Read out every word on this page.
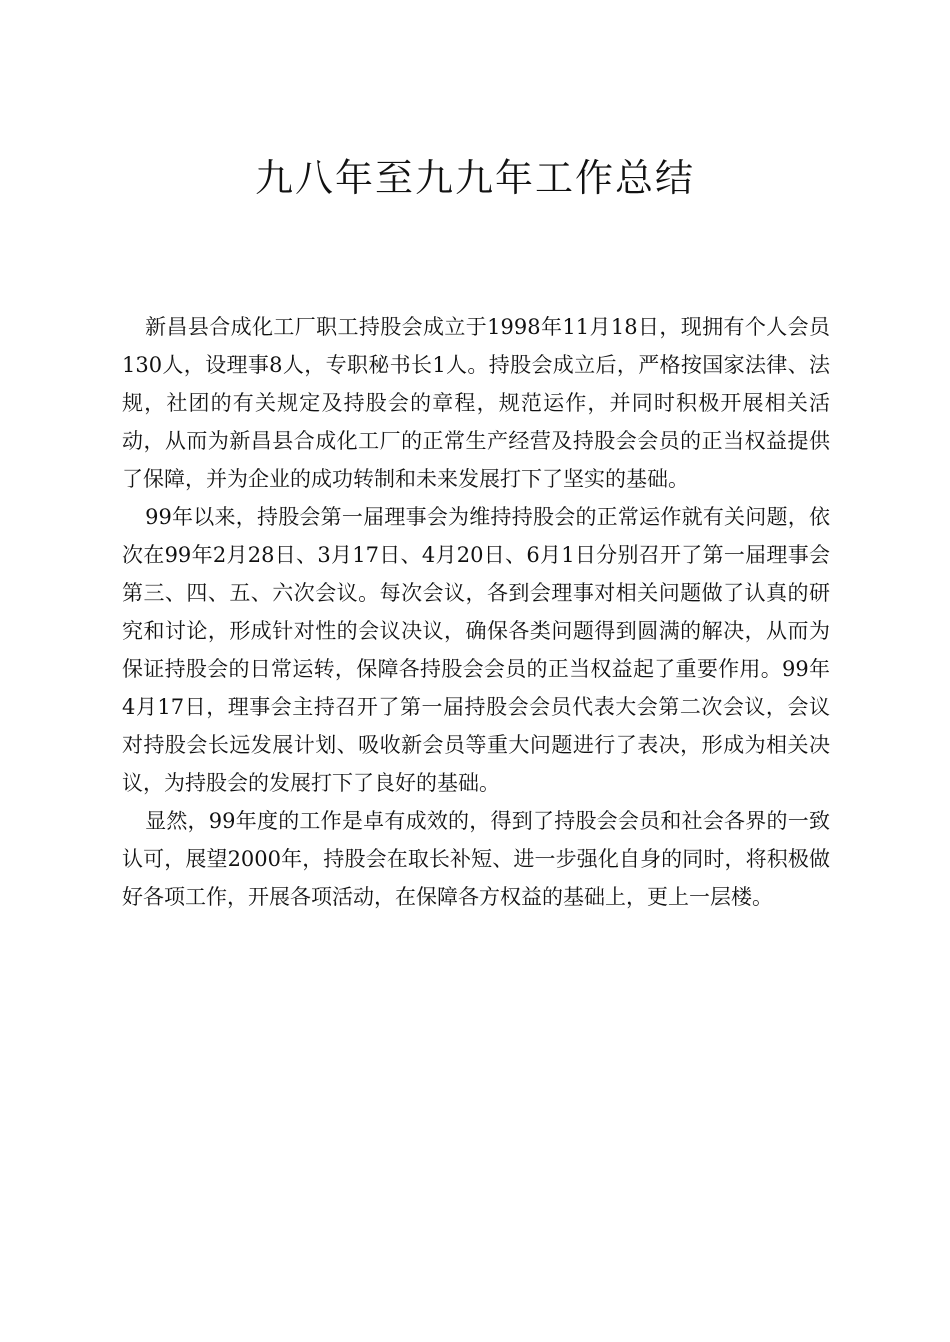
九八年至九九年工作总结

新昌县合成化工厂职工持股会成立于1998年11月18日，现拥有个人会员130人，设理事8人，专职秘书长1人。持股会成立后，严格按国家法律、法规，社团的有关规定及持股会的章程，规范运作，并同时积极开展相关活动，从而为新昌县合成化工厂的正常生产经营及持股会会员的正当权益提供了保障，并为企业的成功转制和未来发展打下了坚实的基础。

99年以来，持股会第一届理事会为维持持股会的正常运作就有关问题，依次在99年2月28日、3月17日、4月20日、6月1日分别召开了第一届理事会第三、四、五、六次会议。每次会议，各到会理事对相关问题做了认真的研究和讨论，形成针对性的会议决议，确保各类问题得到圆满的解决，从而为保证持股会的日常运转，保障各持股会会员的正当权益起了重要作用。99年4月17日，理事会主持召开了第一届持股会会员代表大会第二次会议，会议对持股会长远发展计划、吸收新会员等重大问题进行了表决，形成为相关决议，为持股会的发展打下了良好的基础。

显然，99年度的工作是卓有成效的，得到了持股会会员和社会各界的一致认可，展望2000年，持股会在取长补短、进一步强化自身的同时，将积极做好各项工作，开展各项活动，在保障各方权益的基础上，更上一层楼。
